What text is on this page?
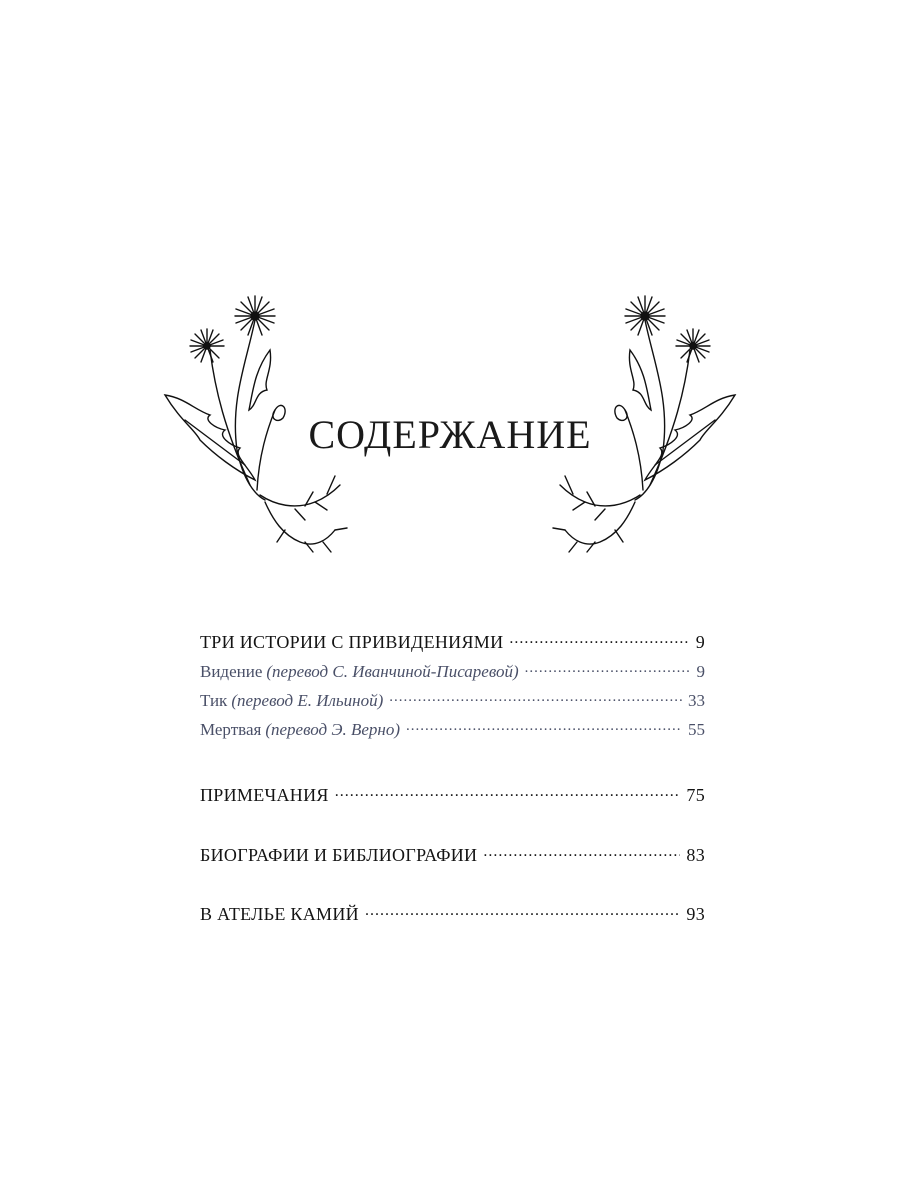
СОДЕРЖАНИЕ
ТРИ ИСТОРИИ С ПРИВИДЕНИЯМИ .....	9
Видение (перевод С. Иванчиной-Писаревой) .....	9
Тик (перевод Е. Ильиной) .....	33
Мертвая (перевод Э. Верно) .....	55
ПРИМЕЧАНИЯ .....	75
БИОГРАФИИ И БИБЛИОГРАФИИ .....	83
В АТЕЛЬЕ КАМИЙ .....	93
